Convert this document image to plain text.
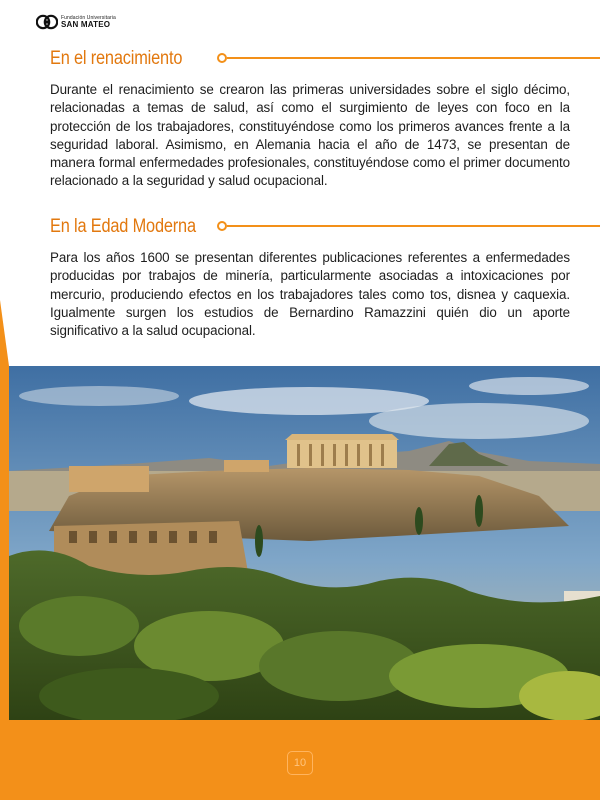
Fundación Universitaria
SAN MATEO
En el renacimiento

Durante el renacimiento se crearon las primeras universidades sobre el siglo décimo, relacionadas a temas de salud, así como el surgimiento de leyes con foco en la protección de los trabajadores, constituyéndose como los primeros avances frente a la seguridad laboral. Asimismo, en Alemania hacia el año de 1473, se presentan de manera formal enfermedades profesionales, constituyéndose como el primer documento relacionado a la seguridad y salud ocupacional.

En la Edad Moderna

Para los años 1600 se presentan diferentes publicaciones referentes a enfermedades producidas por trabajos de minería, particularmente asociadas a intoxicaciones por mercurio, produciendo efectos en los trabajadores tales como tos, disnea y caquexia. Igualmente surgen los estudios de Bernardino Ramazzini quién dio un aporte significativo a la salud ocupacional.

10
